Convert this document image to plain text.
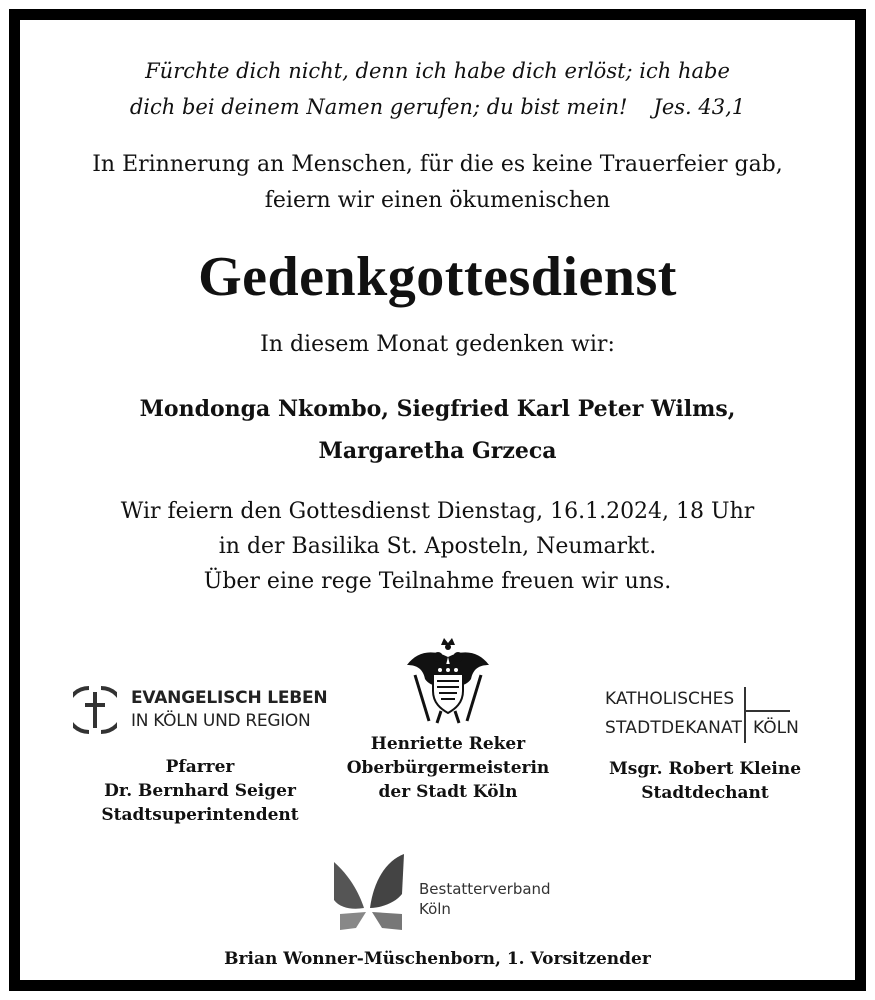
Fürchte dich nicht, denn ich habe dich erlöst; ich habe
dich bei deinem Namen gerufen; du bist mein! Jes. 43,1
In Erinnerung an Menschen, für die es keine Trauerfeier gab,
feiern wir einen ökumenischen
Gedenkgottesdienst
In diesem Monat gedenken wir:
Mondonga Nkombo, Siegfried Karl Peter Wilms,
Margaretha Grzeca
Wir feiern den Gottesdienst Dienstag, 16.1.2024, 18 Uhr
in der Basilika St. Aposteln, Neumarkt.
Über eine rege Teilnahme freuen wir uns.
EVANGELISCH LEBEN
IN KÖLN UND REGION
Pfarrer
Dr. Bernhard Seiger
Stadtsuperintendent
Henriette Reker
Oberbürgermeisterin
der Stadt Köln
KATHOLISCHES
STADTDEKANAT KÖLN
Msgr. Robert Kleine
Stadtdechant
Bestatterverband
Köln
Brian Wonner-Müschenborn, 1. Vorsitzender
